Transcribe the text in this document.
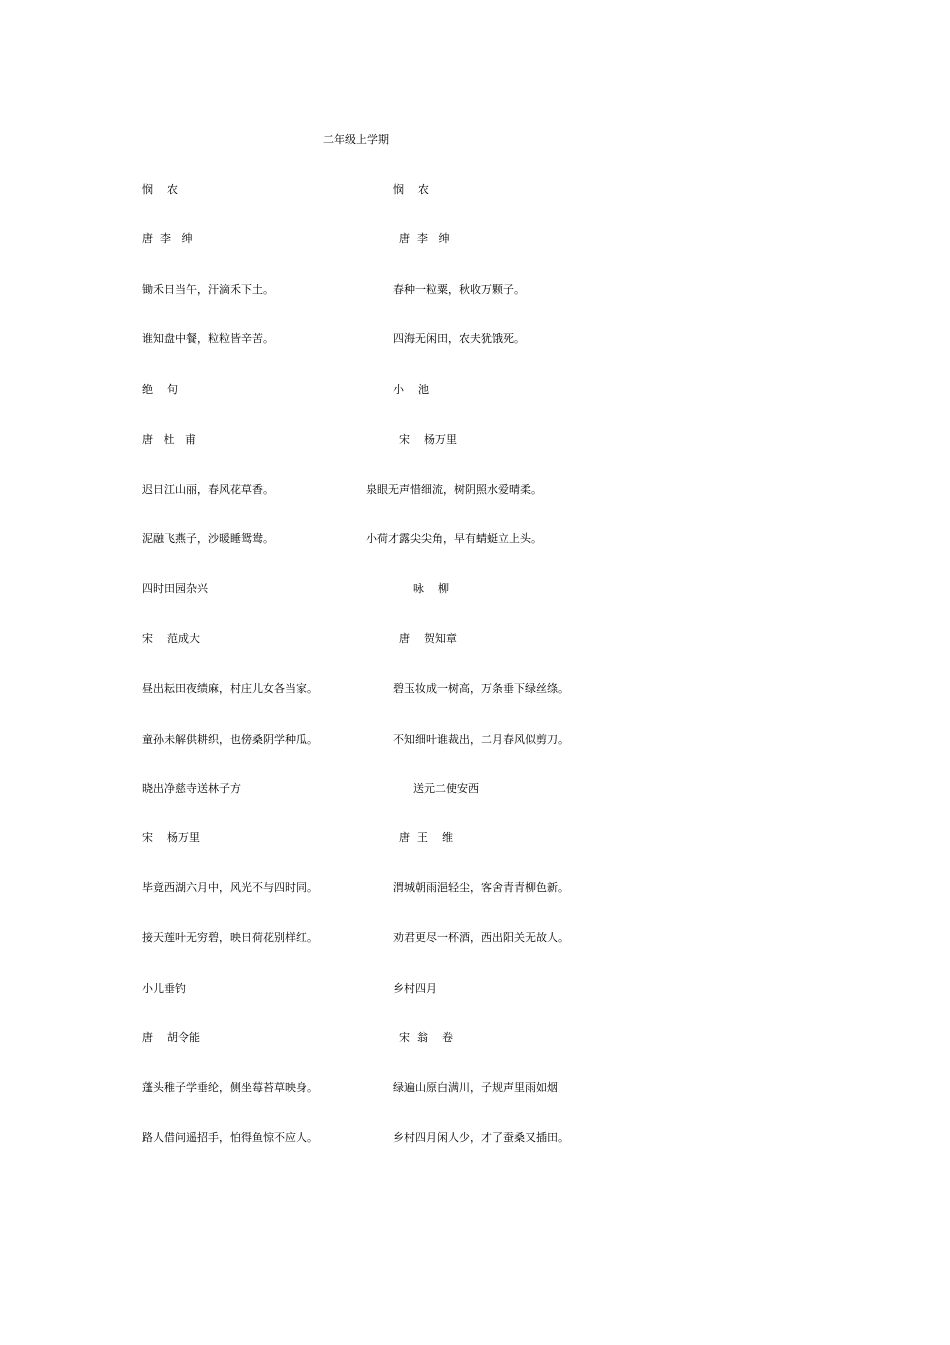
二年级上学期
悯    农	悯    农
唐  李   绅	唐  李   绅
锄禾日当午，汗滴禾下土。	春种一粒粟，秋收万颗子。
谁知盘中餐，粒粒皆辛苦。	四海无闲田，农夫犹饿死。
绝    句	小    池
唐   杜   甫	宋    杨万里
迟日江山丽，春风花草香。	泉眼无声惜细流，树阴照水爱晴柔。
泥融飞燕子，沙暖睡鸳鸯。	小荷才露尖尖角，早有蜻蜓立上头。
四时田园杂兴	咏    柳
宋    范成大	唐    贺知章
昼出耘田夜绩麻，村庄儿女各当家。	碧玉妆成一树高，万条垂下绿丝绦。
童孙未解供耕织，也傍桑阴学种瓜。	不知细叶谁裁出，二月春风似剪刀。
晓出净慈寺送林子方	送元二使安西
宋    杨万里	唐  王    维
毕竟西湖六月中，风光不与四时同。	渭城朝雨浥轻尘，客舍青青柳色新。
接天莲叶无穷碧，映日荷花别样红。	劝君更尽一杯酒，西出阳关无故人。
小儿垂钓	乡村四月
唐    胡令能	宋  翁    卷
蓬头稚子学垂纶，侧坐莓苔草映身。	绿遍山原白满川，子规声里雨如烟
路人借问遥招手，怕得鱼惊不应人。	乡村四月闲人少，才了蚕桑又插田。
